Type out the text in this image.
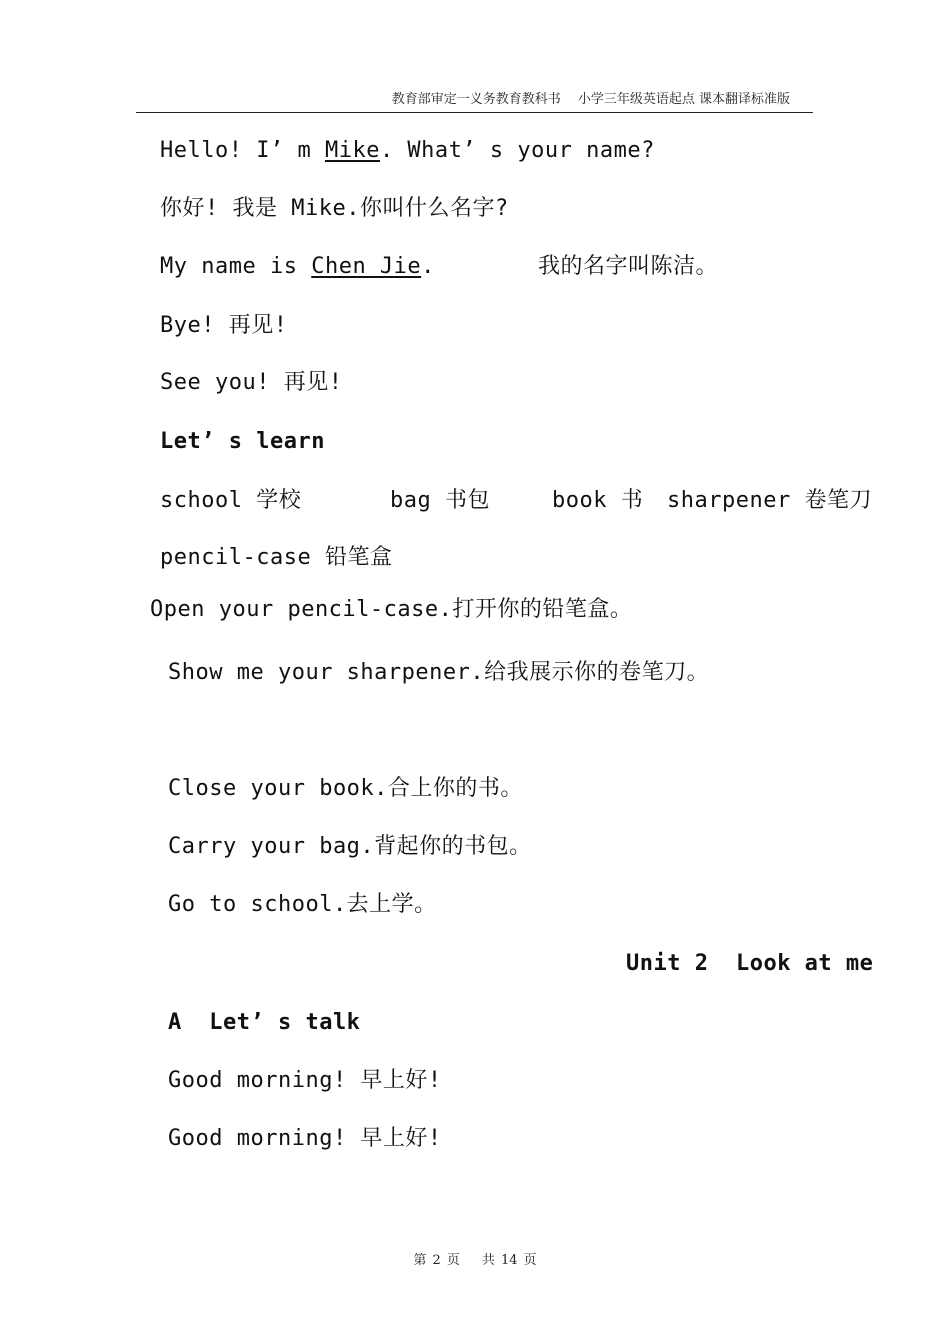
教育部审定一义务教育教科书　 小学三年级英语起点 课本翻译标准版
Hello! I’ m Mike. What’ s your name?
你好! 我是 Mike.你叫什么名字?
My name is Chen Jie.	我的名字叫陈洁。
Bye! 再见!
See you! 再见!
Let’ s learn
school 学校	bag 书包	book 书 sharpener 卷笔刀
pencil-case 铅笔盒
Open your pencil-case.打开你的铅笔盒。
Show me your sharpener.给我展示你的卷笔刀。
Close your book.合上你的书。
Carry your bag.背起你的书包。
Go to school.去上学。
Unit 2  Look at me
A  Let’ s talk
Good morning! 早上好!
Good morning! 早上好!
第 2 页 共 14 页
